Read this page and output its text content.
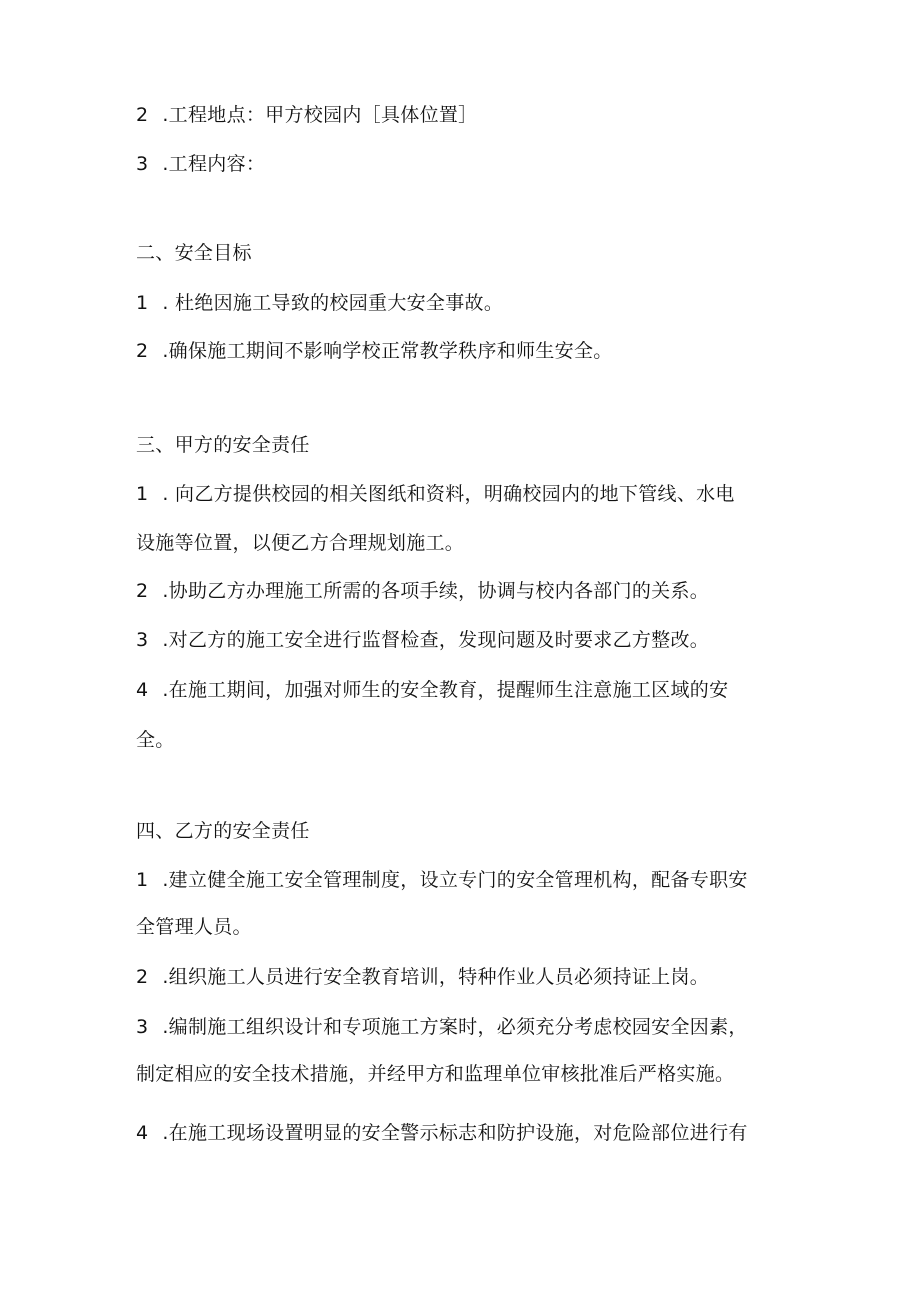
2 .工程地点：甲方校园内［具体位置］
3 .工程内容：
二、安全目标
1 . 杜绝因施工导致的校园重大安全事故。
2 .确保施工期间不影响学校正常教学秩序和师生安全。
三、甲方的安全责任
1 . 向乙方提供校园的相关图纸和资料，明确校园内的地下管线、水电
设施等位置，以便乙方合理规划施工。
2 .协助乙方办理施工所需的各项手续，协调与校内各部门的关系。
3 .对乙方的施工安全进行监督检查，发现问题及时要求乙方整改。
4 .在施工期间，加强对师生的安全教育，提醒师生注意施工区域的安
全。
四、乙方的安全责任
1 .建立健全施工安全管理制度，设立专门的安全管理机构，配备专职安
全管理人员。
2 .组织施工人员进行安全教育培训，特种作业人员必须持证上岗。
3 .编制施工组织设计和专项施工方案时，必须充分考虑校园安全因素，
制定相应的安全技术措施，并经甲方和监理单位审核批准后严格实施。
4 .在施工现场设置明显的安全警示标志和防护设施，对危险部位进行有
